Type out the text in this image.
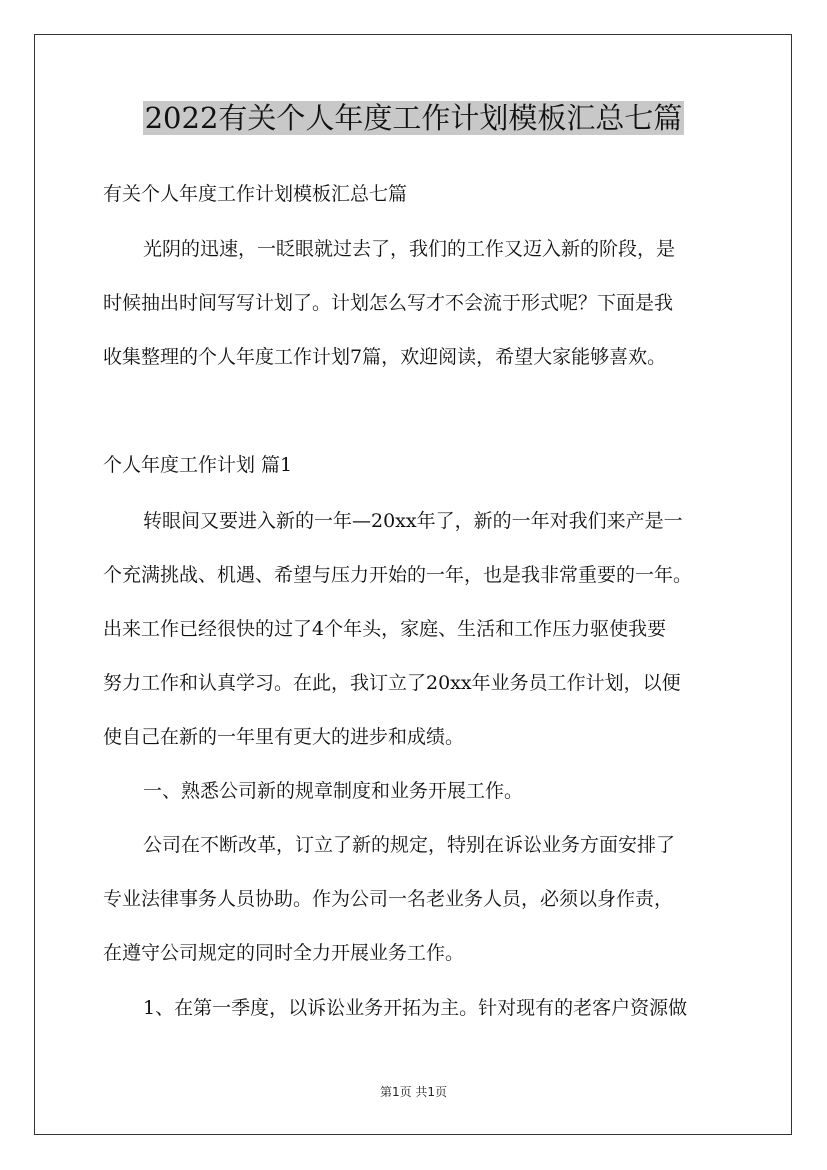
2022有关个人年度工作计划模板汇总七篇

有关个人年度工作计划模板汇总七篇

光阴的迅速，一眨眼就过去了，我们的工作又迈入新的阶段，是

时候抽出时间写写计划了。计划怎么写才不会流于形式呢？下面是我

收集整理的个人年度工作计划7篇，欢迎阅读，希望大家能够喜欢。

个人年度工作计划 篇1

转眼间又要进入新的一年—20xx年了，新的一年对我们来产是一

个充满挑战、机遇、希望与压力开始的一年，也是我非常重要的一年。

出来工作已经很快的过了4个年头，家庭、生活和工作压力驱使我要

努力工作和认真学习。在此，我订立了20xx年业务员工作计划，以便

使自己在新的一年里有更大的进步和成绩。

一、熟悉公司新的规章制度和业务开展工作。

公司在不断改革，订立了新的规定，特别在诉讼业务方面安排了

专业法律事务人员协助。作为公司一名老业务人员，必须以身作责，

在遵守公司规定的同时全力开展业务工作。

1、在第一季度，以诉讼业务开拓为主。针对现有的老客户资源做

第1页 共1页
